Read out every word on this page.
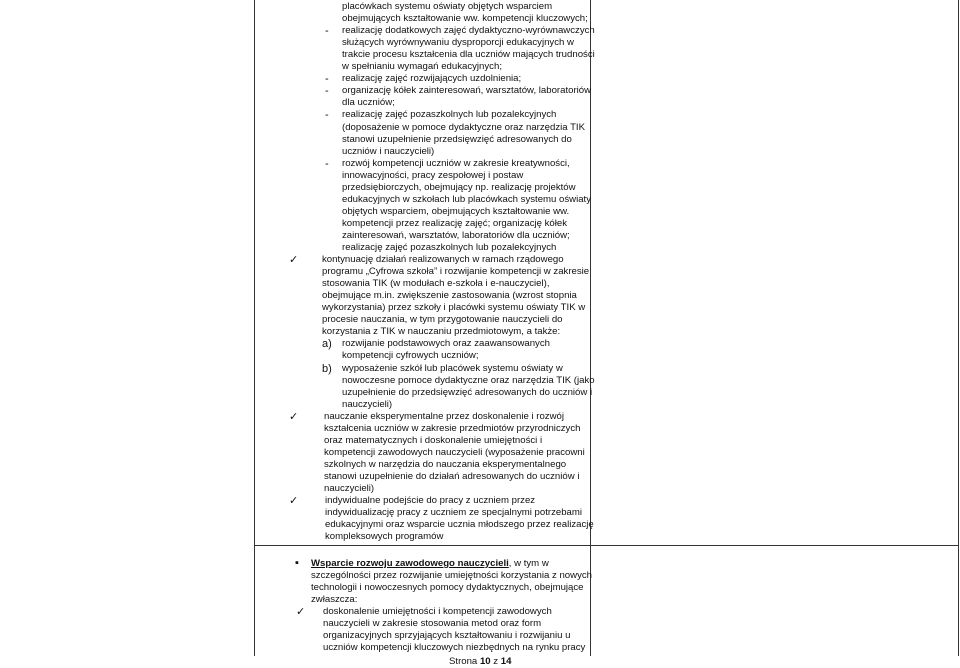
placówkach systemu oświaty objętych wsparciem
obejmujących kształtowanie ww. kompetencji kluczowych;
realizację dodatkowych zajęć dydaktyczno-wyrównawczych
-
służących wyrównywaniu dysproporcji edukacyjnych w
trakcie procesu kształcenia dla uczniów mających trudności
w spełnianiu wymagań edukacyjnych;
realizację zajęć rozwijających uzdolnienia;
-
organizację kółek zainteresowań, warsztatów, laboratoriów
-
dla uczniów;
realizację zajęć pozaszkolnych lub pozalekcyjnych
-
(doposażenie w pomoce dydaktyczne oraz narzędzia TIK
stanowi uzupełnienie przedsięwzięć adresowanych do
uczniów i nauczycieli)
rozwój kompetencji uczniów w zakresie kreatywności,
-
innowacyjności, pracy zespołowej i postaw
przedsiębiorczych, obejmujący np. realizację projektów
edukacyjnych w szkołach lub placówkach systemu oświaty
objętych wsparciem, obejmujących kształtowanie ww.
kompetencji przez realizację zajęć; organizację kółek
zainteresowań, warsztatów, laboratoriów dla uczniów;
realizację zajęć pozaszkolnych lub pozalekcyjnych
kontynuację działań realizowanych w ramach rządowego
✓
programu „Cyfrowa szkoła” i rozwijanie kompetencji w zakresie
stosowania TIK (w modułach e-szkoła i e-nauczyciel),
obejmujące m.in. zwiększenie zastosowania (wzrost stopnia
wykorzystania) przez szkoły i placówki systemu oświaty TIK w
procesie nauczania, w tym przygotowanie nauczycieli do
korzystania z TIK w nauczaniu przedmiotowym, a także:
rozwijanie podstawowych oraz zaawansowanych
a)
kompetencji cyfrowych uczniów;
wyposażenie szkół lub placówek systemu oświaty w
b)
nowoczesne pomoce dydaktyczne oraz narzędzia TIK (jako
uzupełnienie do przedsięwzięć adresowanych do uczniów i
nauczycieli)
nauczanie eksperymentalne przez doskonalenie i rozwój
✓
kształcenia uczniów w zakresie przedmiotów przyrodniczych
oraz matematycznych i doskonalenie umiejętności i
kompetencji zawodowych nauczycieli (wyposażenie pracowni
szkolnych w narzędzia do nauczania eksperymentalnego
stanowi uzupełnienie do działań adresowanych do uczniów i
nauczycieli)
indywidualne podejście do pracy z uczniem przez
✓
indywidualizację pracy z uczniem ze specjalnymi potrzebami
edukacyjnymi oraz wsparcie ucznia młodszego przez realizację
kompleksowych programów
▪ Wsparcie rozwoju zawodowego nauczycieli, w tym w
szczególności przez rozwijanie umiejętności korzystania z nowych
technologii i nowoczesnych pomocy dydaktycznych, obejmujące
zwłaszcza:
✓ doskonalenie umiejętności i kompetencji zawodowych
nauczycieli w zakresie stosowania metod oraz form
organizacyjnych sprzyjających kształtowaniu i rozwijaniu u
uczniów kompetencji kluczowych niezbędnych na rynku pracy
Strona 10 z 14
